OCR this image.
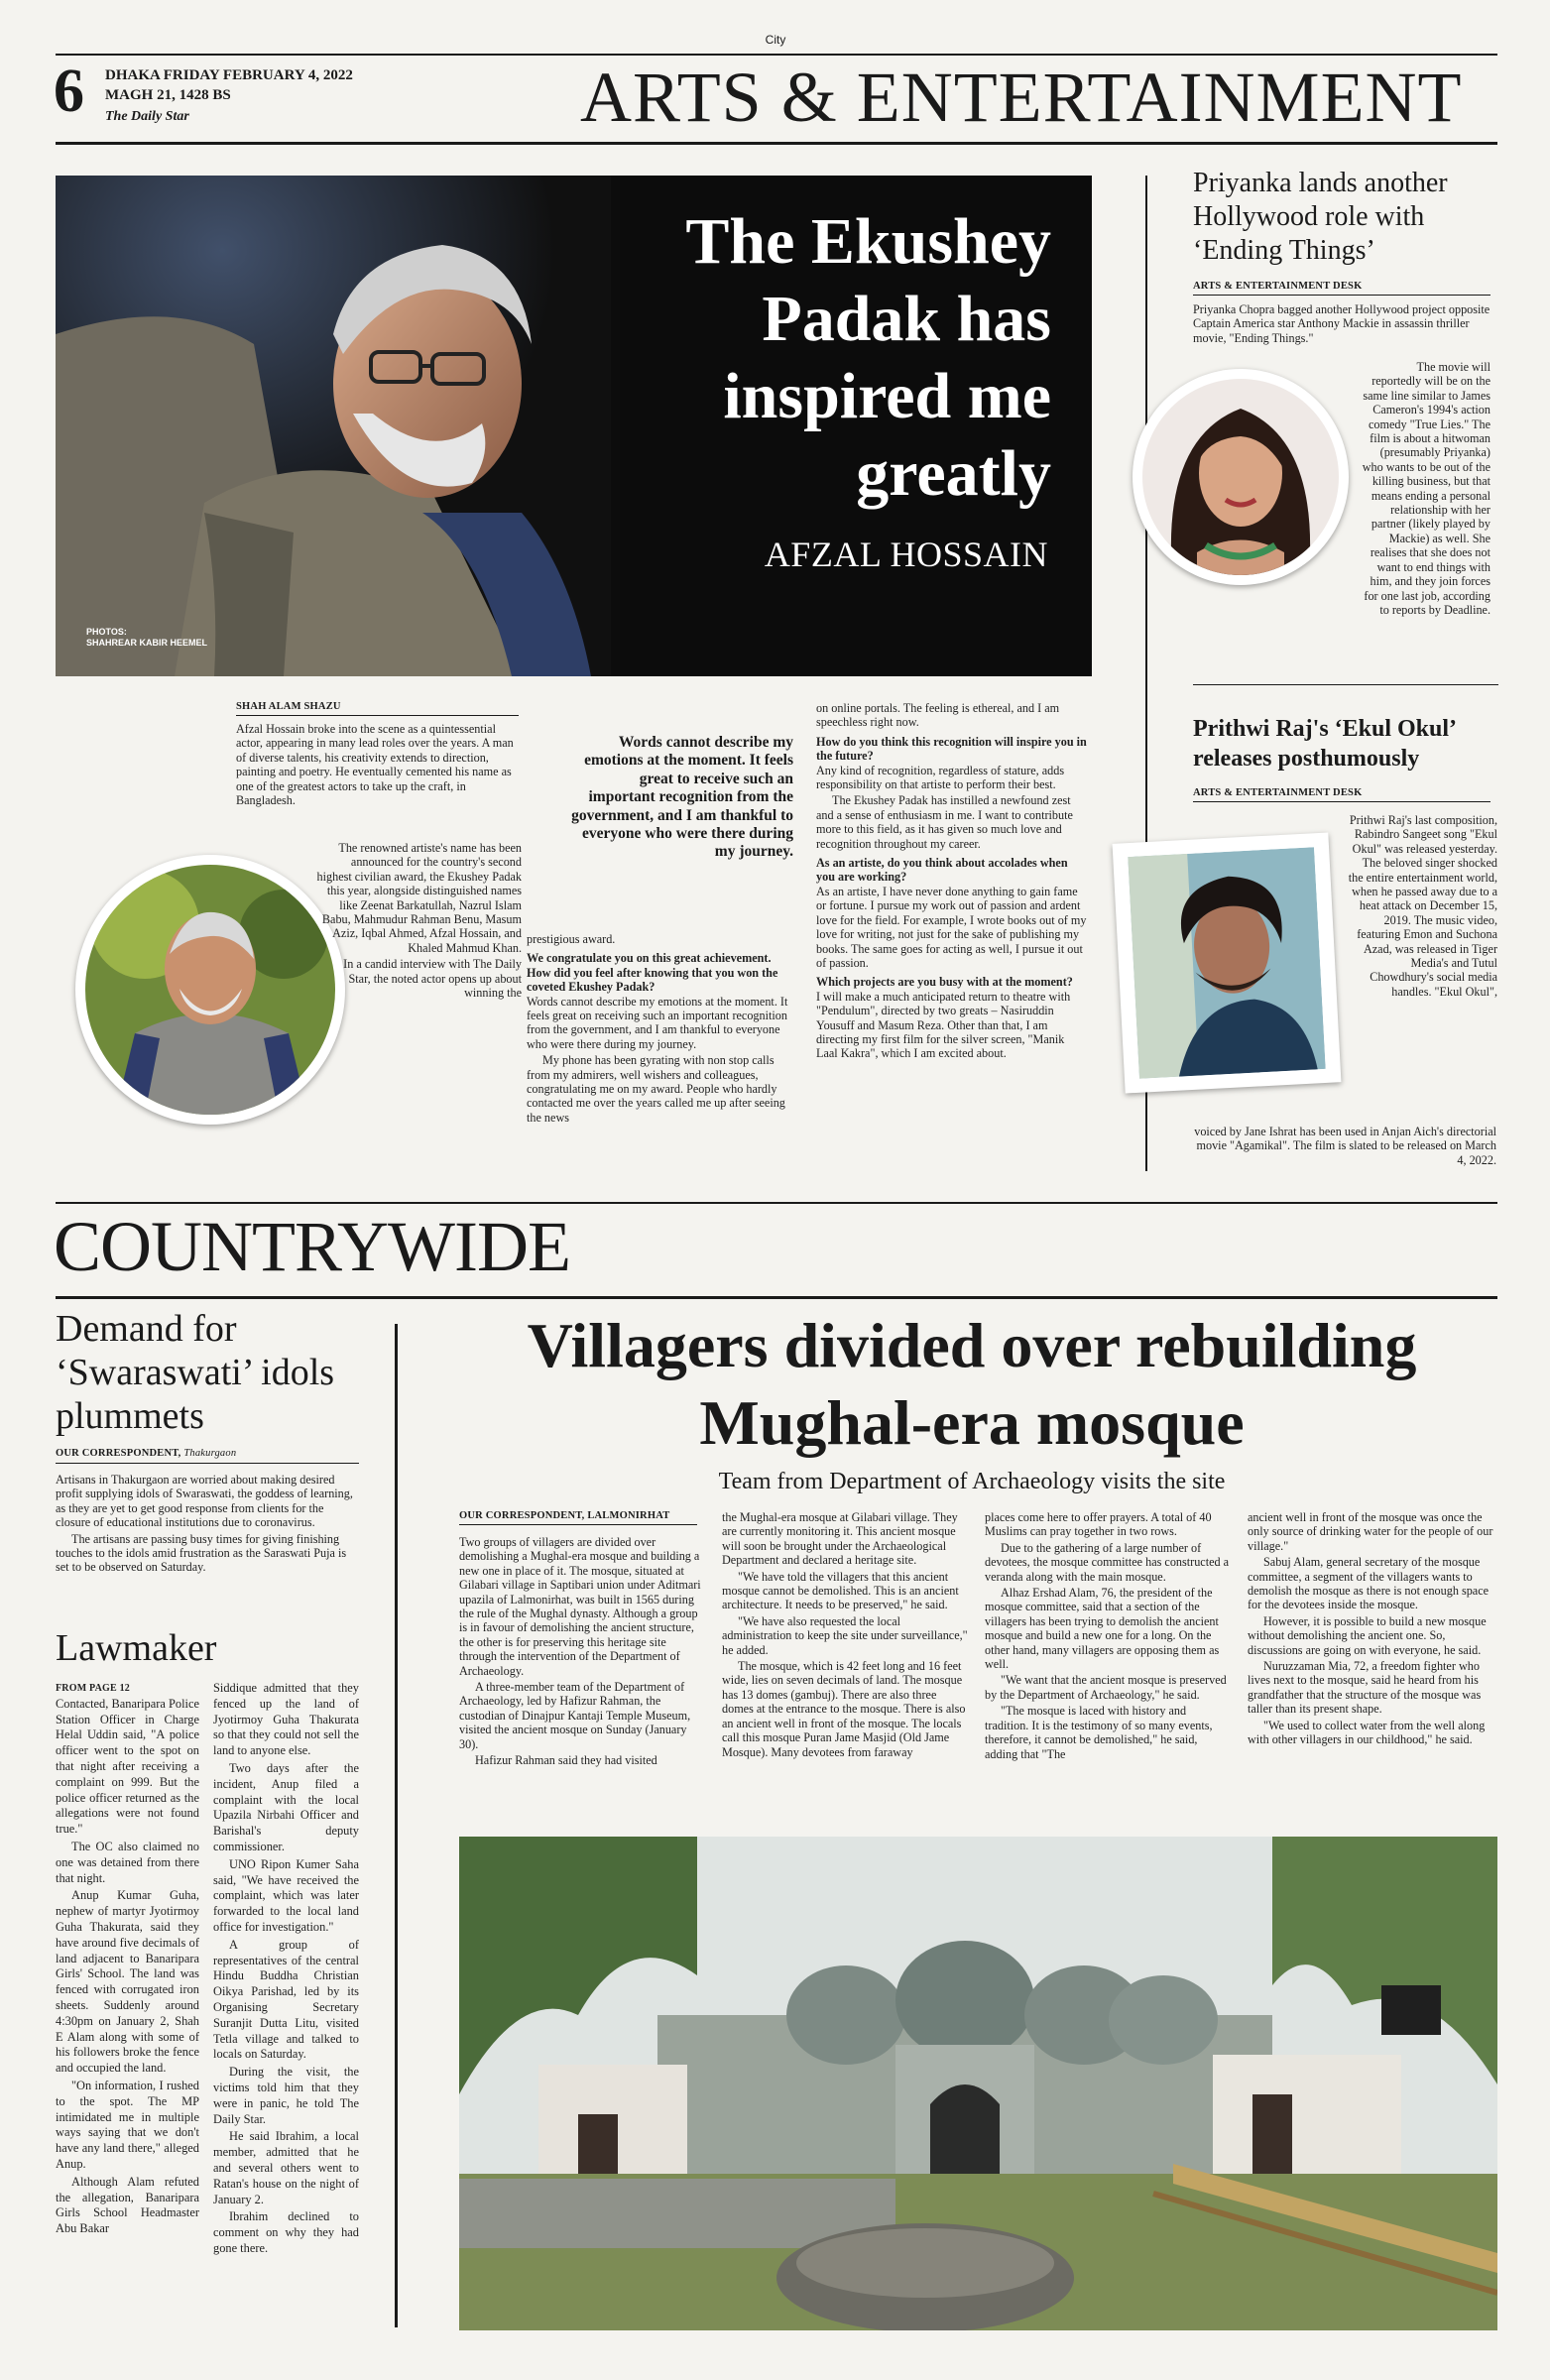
City
6 DHAKA FRIDAY FEBRUARY 4, 2022
MAGH 21, 1428 BS
The Daily Star	ARTS & ENTERTAINMENT
The Ekushey
Padak has
inspired me
greatly
AFZAL HOSSAIN
PHOTOS:
SHAHREAR KABIR HEEMEL
SHAH ALAM SHAZU

Afzal Hossain broke into the scene as a quintessential actor, appearing in many lead roles over the years. A man of diverse talents, his creativity extends to direction, painting and poetry. He eventually cemented his name as one of the greatest actors to take up the craft, in Bangladesh.

The renowned artiste's name has been announced for the country's second highest civilian award, the Ekushey Padak this year, alongside distinguished names like Zeenat Barkatullah, Nazrul Islam Babu, Mahmudur Rahman Benu, Masum Aziz, Iqbal Ahmed, Afzal Hossain, and Khaled Mahmud Khan.

In a candid interview with The Daily Star, the noted actor opens up about winning the

Words cannot describe my emotions at the moment. It feels great to receive such an important recognition from the government, and I am thankful to everyone who were there during my journey.

prestigious award.

We congratulate you on this great achievement. How did you feel after knowing that you won the coveted Ekushey Padak?

Words cannot describe my emotions at the moment. It feels great on receiving such an important recognition from the government, and I am thankful to everyone who were there during my journey.

My phone has been gyrating with non stop calls from my admirers, well wishers and colleagues, congratulating me on my award. People who hardly contacted me over the years called me up after seeing the news

on online portals. The feeling is ethereal, and I am speechless right now.

How do you think this recognition will inspire you in the future?

Any kind of recognition, regardless of stature, adds responsibility on that artiste to perform their best.

The Ekushey Padak has instilled a newfound zest and a sense of enthusiasm in me. I want to contribute more to this field, as it has given so much love and recognition throughout my career.

As an artiste, do you think about accolades when you are working?

As an artiste, I have never done anything to gain fame or fortune. I pursue my work out of passion and ardent love for the field. For example, I wrote books out of my love for writing, not just for the sake of publishing my books. The same goes for acting as well, I pursue it out of passion.

Which projects are you busy with at the moment?

I will make a much anticipated return to theatre with "Pendulum", directed by two greats – Nasiruddin Yousuff and Masum Reza. Other than that, I am directing my first film for the silver screen, "Manik Laal Kakra", which I am excited about.

Priyanka lands another Hollywood role with ‘Ending Things’
ARTS & ENTERTAINMENT DESK

Priyanka Chopra bagged another Hollywood project opposite Captain America star Anthony Mackie in assassin thriller movie, "Ending Things."

The movie will reportedly will be on the same line similar to James Cameron's 1994's action comedy "True Lies." The film is about a hitwoman (presumably Priyanka) who wants to be out of the killing business, but that means ending a personal relationship with her partner (likely played by Mackie) as well. She realises that she does not want to end things with him, and they join forces for one last job, according to reports by Deadline.

Prithwi Raj's ‘Ekul Okul’ releases posthumously
ARTS & ENTERTAINMENT DESK

Prithwi Raj's last composition, Rabindro Sangeet song "Ekul Okul" was released yesterday. The beloved singer shocked the entire entertainment world, when he passed away due to a heat attack on December 15, 2019. The music video, featuring Emon and Suchona Azad, was released in Tiger Media's and Tutul Chowdhury's social media handles. "Ekul Okul",

voiced by Jane Ishrat has been used in Anjan Aich's directorial movie "Agamikal". The film is slated to be released on March 4, 2022.

COUNTRYWIDE
Demand for ‘Swaraswati’ idols plummets
OUR CORRESPONDENT, Thakurgaon

Artisans in Thakurgaon are worried about making desired profit supplying idols of Swaraswati, the goddess of learning, as they are yet to get good response from clients for the closure of educational institutions due to coronavirus.

The artisans are passing busy times for giving finishing touches to the idols amid frustration as the Saraswati Puja is set to be observed on Saturday.

Lawmaker
FROM PAGE 12

Contacted, Banaripara Police Station Officer in Charge Helal Uddin said, "A police officer went to the spot on that night after receiving a complaint on 999. But the police officer returned as the allegations were not found true."

The OC also claimed no one was detained from there that night.

Anup Kumar Guha, nephew of martyr Jyotirmoy Guha Thakurata, said they have around five decimals of land adjacent to Banaripara Girls' School. The land was fenced with corrugated iron sheets. Suddenly around 4:30pm on January 2, Shah E Alam along with some of his followers broke the fence and occupied the land.

"On information, I rushed to the spot. The MP intimidated me in multiple ways saying that we don't have any land there," alleged Anup.

Although Alam refuted the allegation, Banaripara Girls School Headmaster Abu Bakar

Siddique admitted that they fenced up the land of Jyotirmoy Guha Thakurata so that they could not sell the land to anyone else.

Two days after the incident, Anup filed a complaint with the local Upazila Nirbahi Officer and Barishal's deputy commissioner.

UNO Ripon Kumer Saha said, "We have received the complaint, which was later forwarded to the local land office for investigation."

A group of representatives of the central Hindu Buddha Christian Oikya Parishad, led by its Organising Secretary Suranjit Dutta Litu, visited Tetla village and talked to locals on Saturday.

During the visit, the victims told him that they were in panic, he told The Daily Star.

He said Ibrahim, a local member, admitted that he and several others went to Ratan's house on the night of January 2.

Ibrahim declined to comment on why they had gone there.

Villagers divided over rebuilding
Mughal-era mosque
Team from Department of Archaeology visits the site
OUR CORRESPONDENT, LALMONIRHAT

Two groups of villagers are divided over demolishing a Mughal-era mosque and building a new one in place of it. The mosque, situated at Gilabari village in Saptibari union under Aditmari upazila of Lalmonirhat, was built in 1565 during the rule of the Mughal dynasty. Although a group is in favour of demolishing the ancient structure, the other is for preserving this heritage site through the intervention of the Department of Archaeology.

A three-member team of the Department of Archaeology, led by Hafizur Rahman, the custodian of Dinajpur Kantaji Temple Museum, visited the ancient mosque on Sunday (January 30).

Hafizur Rahman said they had visited

the Mughal-era mosque at Gilabari village. They are currently monitoring it. This ancient mosque will soon be brought under the Archaeological Department and declared a heritage site.

"We have told the villagers that this ancient mosque cannot be demolished. This is an ancient architecture. It needs to be preserved," he said.

"We have also requested the local administration to keep the site under surveillance," he added.

The mosque, which is 42 feet long and 16 feet wide, lies on seven decimals of land. The mosque has 13 domes (gambuj). There are also three domes at the entrance to the mosque. There is also an ancient well in front of the mosque. The locals call this mosque Puran Jame Masjid (Old Jame Mosque). Many devotees from faraway

places come here to offer prayers. A total of 40 Muslims can pray together in two rows.

Due to the gathering of a large number of devotees, the mosque committee has constructed a veranda along with the main mosque.

Alhaz Ershad Alam, 76, the president of the mosque committee, said that a section of the villagers has been trying to demolish the ancient mosque and build a new one for a long. On the other hand, many villagers are opposing them as well.

"We want that the ancient mosque is preserved by the Department of Archaeology," he said.

"The mosque is laced with history and tradition. It is the testimony of so many events, therefore, it cannot be demolished," he said, adding that "The

ancient well in front of the mosque was once the only source of drinking water for the people of our village."

Sabuj Alam, general secretary of the mosque committee, a segment of the villagers wants to demolish the mosque as there is not enough space for the devotees inside the mosque.

However, it is possible to build a new mosque without demolishing the ancient one. So, discussions are going on with everyone, he said.

Nuruzzaman Mia, 72, a freedom fighter who lives next to the mosque, said he heard from his grandfather that the structure of the mosque was taller than its present shape.

"We used to collect water from the well along with other villagers in our childhood," he said.
